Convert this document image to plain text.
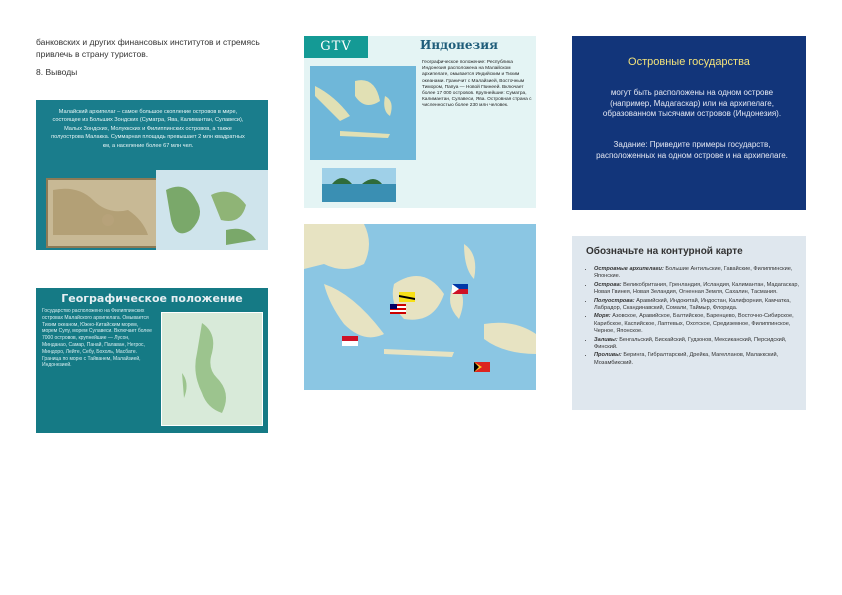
банковских и других финансовых институтов и стремясь привлечь в страну туристов.

8. Выводы

Малайский архипелаг – самое большое скопление островов в мире, состоящее из Больших Зондских (Суматра, Ява, Калимантан, Сулавеси), Малых Зондских, Молуккских и Филиппинских островов, а также полуострова Малакка. Суммарная площадь превышает 2 млн квадратных км, а население более 67 млн чел.
Географическое положение
Государство расположено на Филиппинских островах Малайского архипелага. Омывается Тихим океаном, Южно-Китайским морем, морем Сулу, морем Сулавеси. Включает более 7000 островов, крупнейшие — Лусон, Минданао, Самар, Панай, Палаван, Негрос, Миндоро, Лейте, Себу, Бохоль, Масбате. Граница по морю с Тайванем, Малайзией, Индонезией.
GTV	Индонезия
Географическое положение: Республика Индонезия расположена на Малайском архипелаге, омывается Индийским и Тихим океанами. Граничит с Малайзией, Восточным Тимором, Папуа — Новой Гвинеей. Включает более 17 000 островов. Крупнейшие: Суматра, Калимантан, Сулавеси, Ява. Островная страна с численностью более 230 млн человек.
Островные государства
могут быть расположены на одном острове (например, Мадагаскар) или на архипелаге, образованном тысячами островов (Индонезия).
Задание: Приведите примеры государств, расположенных на одном острове и на архипелаге.
Обозначьте на контурной карте
• Островные архипелаги: Большие Антильские, Гавайские, Филиппинские, Японские.
• Острова: Великобритания, Гренландия, Исландия, Калимантан, Мадагаскар, Новая Гвинея, Новая Зеландия, Огненная Земля, Сахалин, Тасмания.
• Полуострова: Аравийский, Индокитай, Индостан, Калифорния, Камчатка, Лабрадор, Скандинавский, Сомали, Таймыр, Флорида.
• Моря: Азовское, Аравийское, Балтийское, Баренцево, Восточно-Сибирское, Карибское, Каспийское, Лаптевых, Охотское, Средиземное, Филиппинское, Черное, Японское.
• Заливы: Бенгальский, Бискайский, Гудзонов, Мексиканский, Персидский, Финский.
• Проливы: Беринга, Гибралтарский, Дрейка, Магелланов, Малаккский, Мозамбикский.
